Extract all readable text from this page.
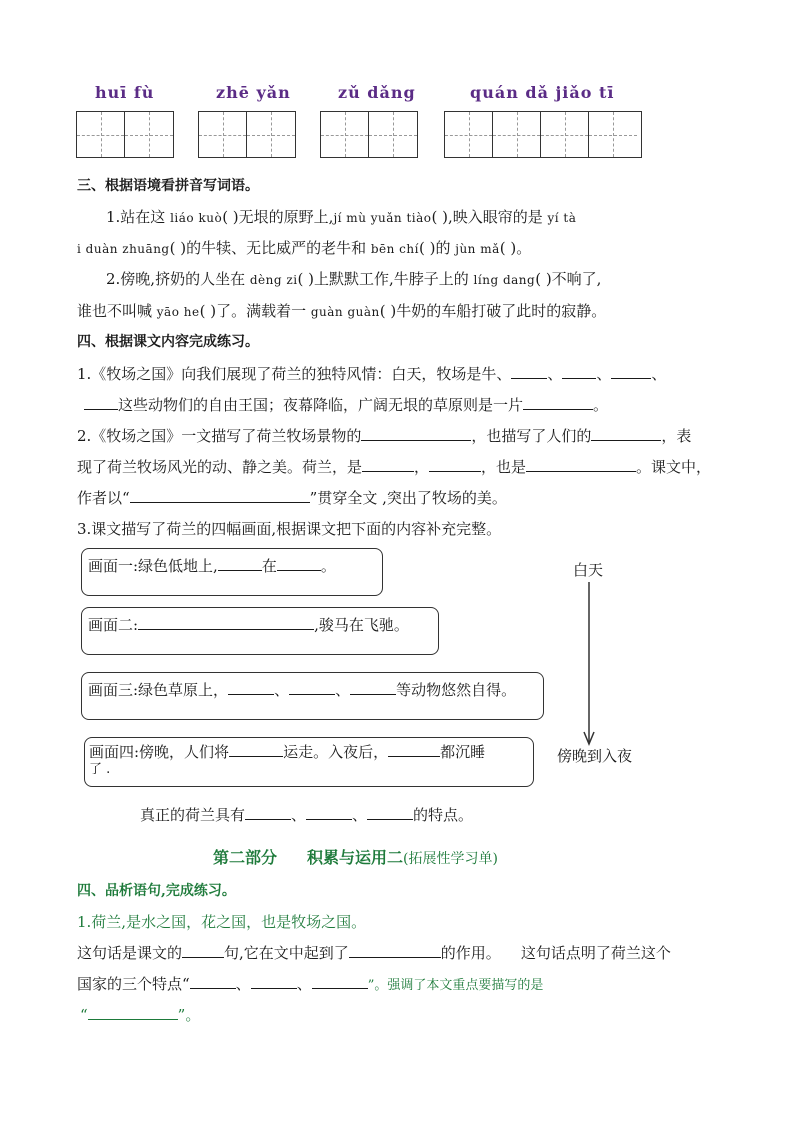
huī fù	zhē yǎn	zǔ dǎng	quán dǎ jiǎo tī
三、根据语境看拼音写词语。
1.站在这 liáo kuò( )无垠的原野上,jí mù yuǎn tiào( ),映入眼帘的是 yí tà
i duàn zhuāng( )的牛犊、无比威严的老牛和 bēn chí( )的 jùn mǎ( )。
2.傍晚,挤奶的人坐在 dèng zi( )上默默工作,牛脖子上的 líng dang( )不响了,
谁也不叫喊 yāo he( )了。满载着一 guàn guàn( )牛奶的车船打破了此时的寂静。
四、根据课文内容完成练习。
1.《牧场之国》向我们展现了荷兰的独特风情：白天，牧场是牛、 、 、	、
这些动物们的自由王国；夜幕降临，广阔无垠的草原则是一片	。
2.《牧场之国》一文描写了荷兰牧场景物的	，也描写了人们的	，表
现了荷兰牧场风光的动、静之美。荷兰，是	，	，也是	。课文中，
作者以“	”贯穿全文 ,突出了牧场的美。
3.课文描写了荷兰的四幅画面,根据课文把下面的内容补充完整。
画面一:绿色低地上,	在	。
画面二:	,骏马在飞驰。
画面三:绿色草原上，	、	、	等动物悠然自得。
画面四:傍晚，人们将	运走。入夜后，	都沉睡
了 .
白天
傍晚到入夜
真正的荷兰具有	、	、	的特点。
第二部分 积累与运用二(拓展性学习单)
四、品析语句,完成练习。
1.荷兰,是水之国，花之国，也是牧场之国。
这句话是课文的	句,它在文中起到了	的作用。 这句话点明了荷兰这个
国家的三个特点“	、	、	”。强调了本文重点要描写的是
“	”。
